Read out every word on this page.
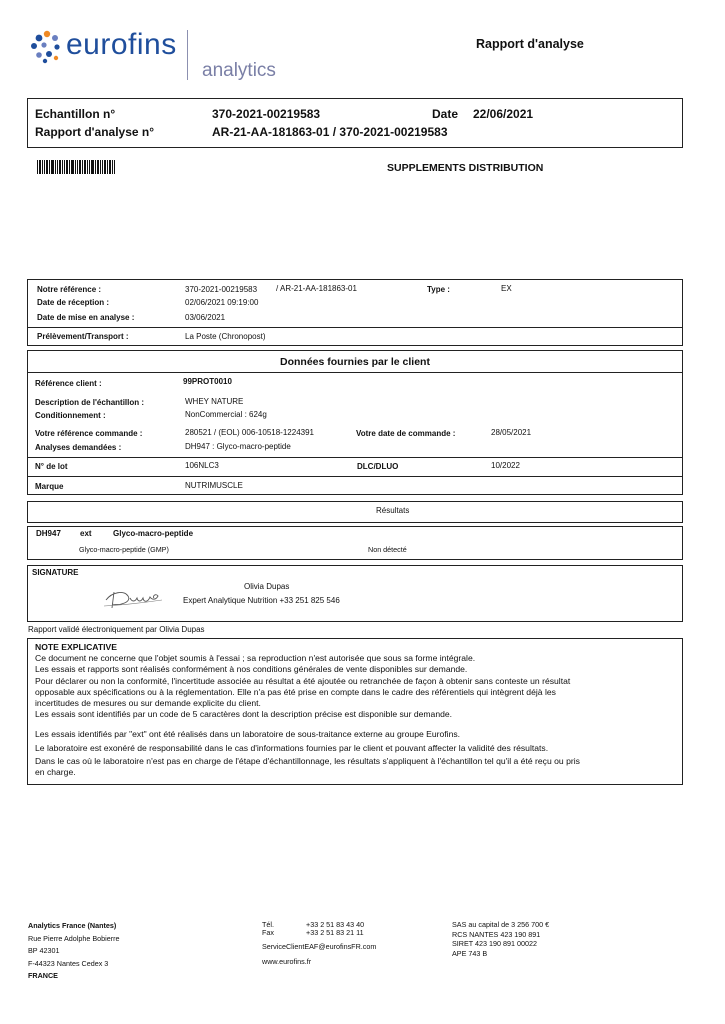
eurofins
analytics
Rapport d'analyse
Echantillon n°	370-2021-00219583	Date 22/06/2021
Rapport d'analyse n°	AR-21-AA-181863-01 / 370-2021-00219583
SUPPLEMENTS DISTRIBUTION
Notre référence :	370-2021-00219583 / AR-21-AA-181863-01	Type :	EX
Date de réception :	02/06/2021 09:19:00
Date de mise en analyse :	03/06/2021
Prélèvement/Transport :	La Poste (Chronopost)
Données fournies par le client
Référence client :	99PROT0010
Description de l'échantillon :	WHEY NATURE
Conditionnement :	NonCommercial : 624g
Votre référence commande :	280521 / (EOL) 006-10518-1224391	Votre date de commande :	28/05/2021
Analyses demandées :	DH947 : Glyco-macro-peptide
N° de lot	106NLC3	DLC/DLUO	10/2022
Marque	NUTRIMUSCLE
Résultats
DH947 ext	Glyco-macro-peptide
Glyco-macro-peptide (GMP)	Non détecté
SIGNATURE
Olivia Dupas
Expert Analytique Nutrition +33 251 825 546
Rapport validé électroniquement par Olivia Dupas

NOTE EXPLICATIVE

Ce document ne concerne que l'objet soumis à l'essai ; sa reproduction n'est autorisée que sous sa forme intégrale.

Les essais et rapports sont réalisés conformément à nos conditions générales de vente disponibles sur demande.

Pour déclarer ou non la conformité, l'incertitude associée au résultat a été ajoutée ou retranchée de façon à obtenir sans conteste un résultat

opposable aux spécifications ou à la réglementation. Elle n'a pas été prise en compte dans le cadre des référentiels qui intègrent déjà les

incertitudes de mesures ou sur demande explicite du client.

Les essais sont identifiés par un code de 5 caractères dont la description précise est disponible sur demande.

Les essais identifiés par "ext" ont été réalisés dans un laboratoire de sous-traitance externe au groupe Eurofins.

Le laboratoire est exonéré de responsabilité dans le cas d'informations fournies par le client et pouvant affecter la validité des résultats.

Dans le cas où le laboratoire n'est pas en charge de l'étape d'échantillonnage, les résultats s'appliquent à l'échantillon tel qu'il a été reçu ou pris

en charge.

Analytics France (Nantes)
Rue Pierre Adolphe Bobierre
BP 42301
F-44323 Nantes Cedex 3
FRANCE
Tél.	+33 2 51 83 43 40
Fax	+33 2 51 83 21 11
ServiceClientEAF@eurofinsFR.com
www.eurofins.fr
SAS au capital de 3 256 700 €
RCS NANTES 423 190 891
SIRET 423 190 891 00022
APE 743 B
